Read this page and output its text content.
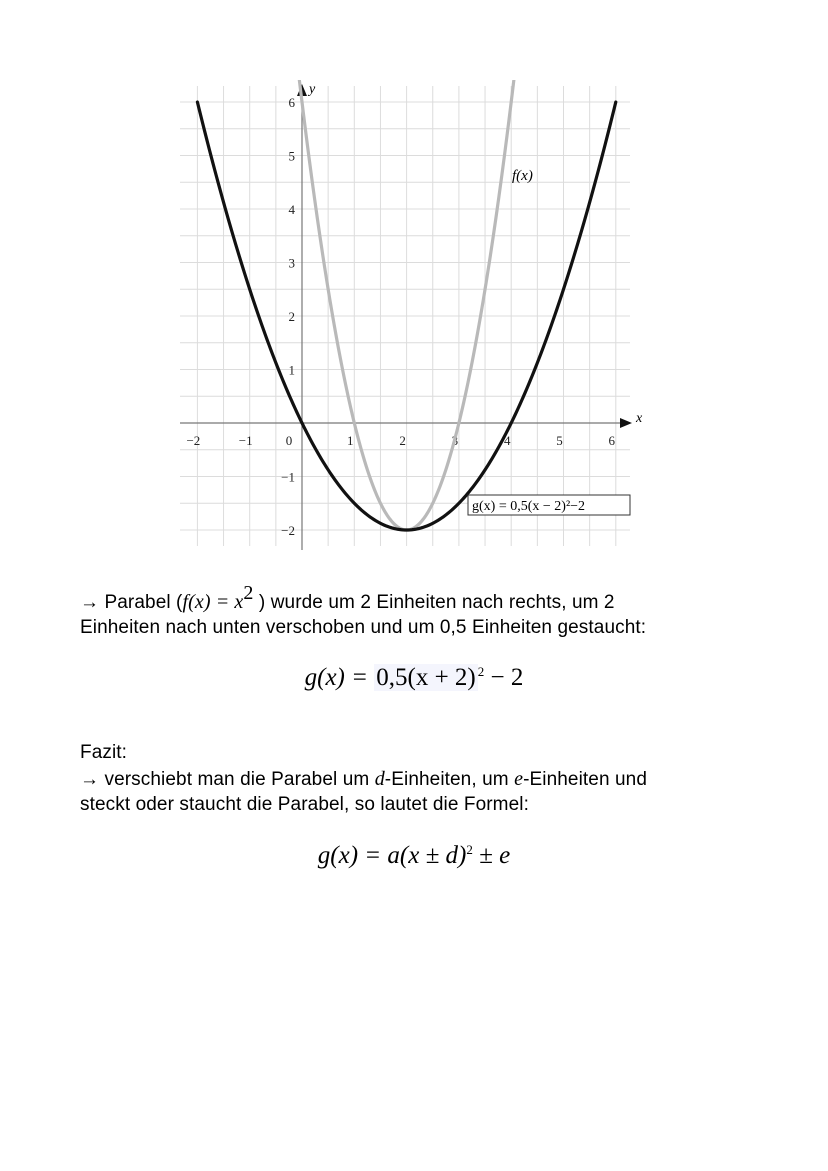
x
y
−2	−1	0	1	2	3	4	5	6
−2
−1
1
2
3
4
5
6
f(x)
g(x) = 0,5(x − 2)²−2
→ Parabel ($f(x) = x^2$ ) wurde um 2 Einheiten nach rechts, um 2
Einheiten nach unten verschoben und um 0,5 Einheiten gestaucht:
g(x) = 0,5(x + 2) $^2$ − 2
Fazit:
→ verschiebt man die Parabel um d-Einheiten, um e-Einheiten und
steckt oder staucht die Parabel, so lautet die Formel:
$g(x) = a(x \pm d)^2 \pm e$
